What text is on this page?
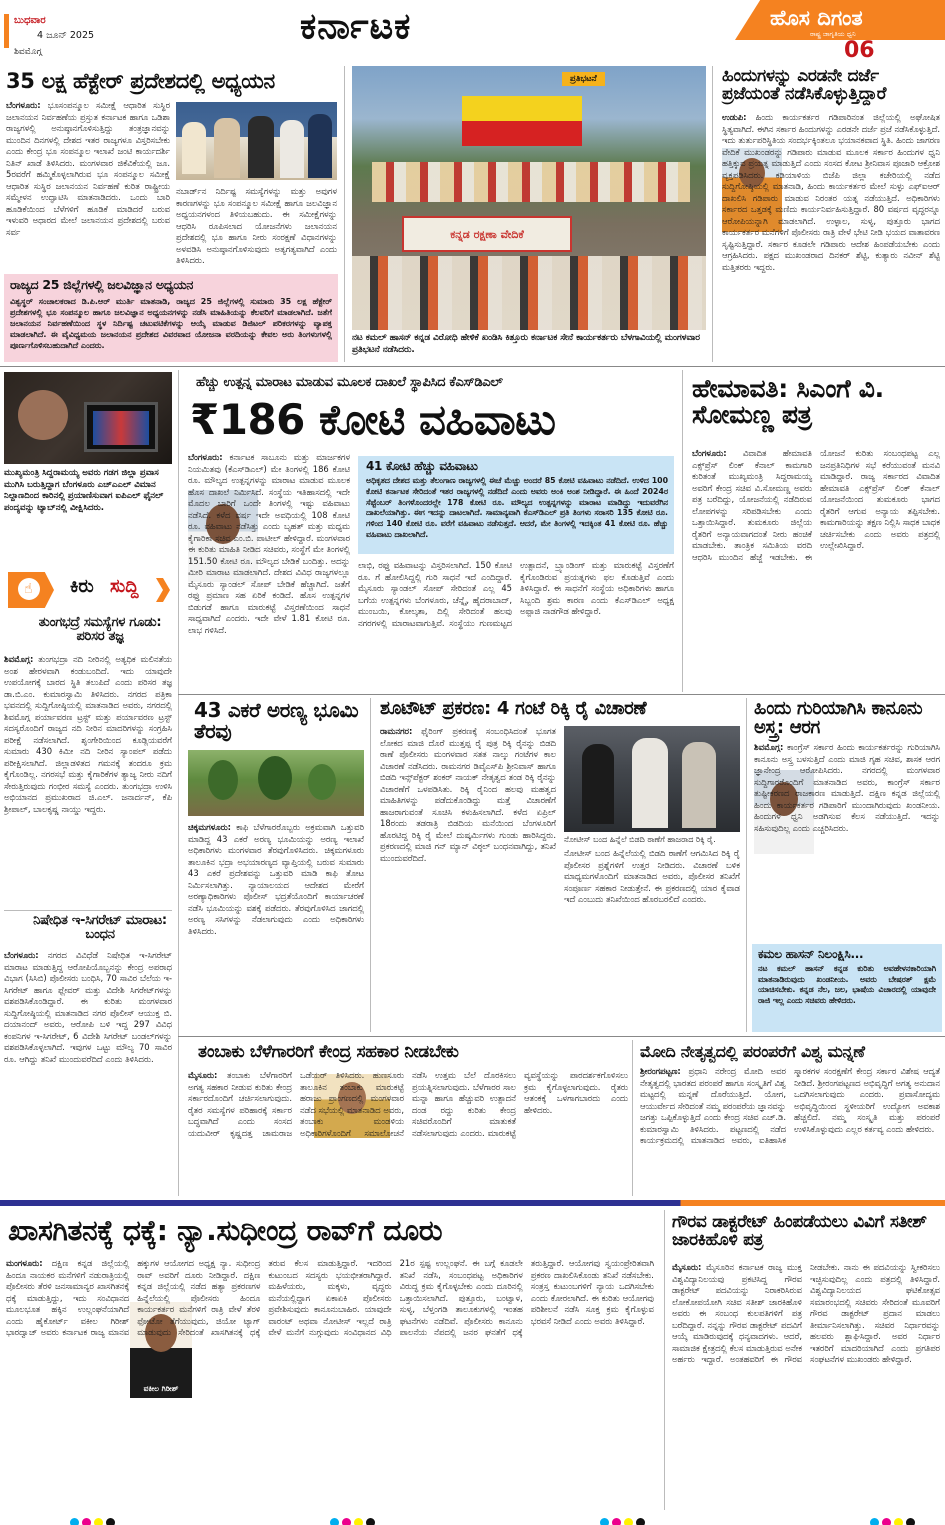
ಬುಧವಾರ
4 ಜೂನ್ 2025
ಶಿವಮೊಗ್ಗ
ಕರ್ನಾಟಕ	ಹೊಸ ದಿಗಂತ
ರಾಷ್ಟ್ರ ಜಾಗೃತಿಯ ಧ್ವನಿ
06
35 ಲಕ್ಷ ಹೆಕ್ಟೇರ್ ಪ್ರದೇಶದಲ್ಲಿ ಅಧ್ಯಯನ
ಬೆಂಗಳೂರು: ಭೂಸಂಪನ್ಮೂಲ ಸಮೀಕ್ಷೆ ಆಧಾರಿತ ಸುಸ್ಥಿರ ಜಲಾನಯನ ನಿರ್ವಹಣೆಯ ಪ್ರಸ್ತುತ ಕರ್ನಾಟಕ ಹಾಗೂ ಒಡಿಶಾ ರಾಜ್ಯಗಳಲ್ಲಿ ಅನುಷ್ಠಾನಗೊಳಿಸುತ್ತಿದ್ದು ತಂತ್ರಜ್ಞಾನವನ್ನು ಮುಂದಿನ ದಿನಗಳಲ್ಲಿ ದೇಶದ ಇತರ ರಾಜ್ಯಗಳೂ ವಿಸ್ತರಿಸಬೇಕು ಎಂದು ಕೇಂದ್ರ ಭೂ ಸಂಪನ್ಮೂಲ ಇಲಾಖೆ ಜಂಟಿ ಕಾರ್ಯದರ್ಶಿ ನಿತಿನ್ ಖಾಡೆ ತಿಳಿಸಿದರು. ಮಂಗಳವಾರ ಜಿಕೆವಿಕೆಯಲ್ಲಿ ಜೂ. 5ರವರೆಗೆ ಹಮ್ಮಿಕೊಳ್ಳಲಾಗಿರುವ ಭೂ ಸಂಪನ್ಮೂಲ ಸಮೀಕ್ಷೆ ಆಧಾರಿತ ಸುಸ್ಥಿರ ಜಲಾನಯನ ನಿರ್ವಹಣೆ ಕುರಿತ ರಾಷ್ಟ್ರೀಯ ಸಮ್ಮೇಳನ ಉದ್ಘಾಟಿಸಿ ಮಾತನಾಡಿದರು. ಒಂದು ಬಾರಿ ಹೂಡಿಕೆಯಿಂದ ಬೆಳೆಗಳಿಗೆ ಹೂಡಿಕೆ ಮಾಡಿದರೆ ಬರುವ ಇಳುವರಿ ಅಧಾರದ ಮೇಲೆ ಜಲಾನಯನ ಪ್ರದೇಶದಲ್ಲಿ ಬರುವ ಸರ್ವ
ನಬಾರ್ಡ್‌ನ ನಿರ್ದಿಷ್ಟ ಸಮಸ್ಯೆಗಳನ್ನು ಮತ್ತು ಅವುಗಳ ಕಾರಣಗಳನ್ನು ಭೂ ಸಂಪನ್ಮೂಲ ಸಮೀಕ್ಷೆ ಹಾಗೂ ಜಲವಿಜ್ಞಾನ ಅಧ್ಯಯನಗಳಂದ ತಿಳಿಯಬಹುದು. ಈ ಸಮೀಕ್ಷೆಗಳನ್ನು ಆಧರಿಸಿ ರೂಪಿಸಲಾದ ಯೋಜನೆಗಳು ಜಲಾನಯನ ಪ್ರದೇಶದಲ್ಲಿ ಭೂ ಹಾಗೂ ನೀರು ಸಂರಕ್ಷಣೆ ವಿಧಾನಗಳನ್ನು ಅಳವಡಿಸಿ ಅನುಷ್ಠಾನಗೊಳಿಸುವುದು ಅತ್ಯಗತ್ಯವಾಗಿದೆ ಎಂದು ತಿಳಿಸಿದರು.
ರಾಜ್ಯದ 25 ಜಿಲ್ಲೆಗಳಲ್ಲಿ ಜಲವಿಜ್ಞಾನ ಅಧ್ಯಯನ
ವಿಶ್ವಸ್ಥರ್ ಸಂಚಾಲಕರಾದ ಡಿ.ಪಿ.ಆರ್ ಮುರ್ತಿ ಮಾತನಾಡಿ, ರಾಜ್ಯದ 25 ಜಿಲ್ಲೆಗಳಲ್ಲಿ ಸುಮಾರು 35 ಲಕ್ಷ ಹೆಕ್ಟೇರ್ ಪ್ರದೇಶಗಳಲ್ಲಿ ಭೂ ಸಂಪನ್ಮೂಲ ಹಾಗೂ ಜಲವಿಜ್ಞಾನ ಅಧ್ಯಯನಗಳನ್ನು ನಡೆಸಿ ಮಾಹಿತಿಯನ್ನು ಕೆಲವರಿಗೆ ಮಾಡಲಾಗಿದೆ. ಜತೆಗೆ ಜಲಾನಯನ ನಿರ್ವಹಣೆಯಿಂದ ಸ್ಥಳ ನಿರ್ದಿಷ್ಟ ಚಟುವಟಿಕೆಗಳನ್ನು ಆಯ್ಕೆ ಮಾಡುವ ಡಿಜಿಟಲ್ ಪರಿಕರಗಳನ್ನು ವ್ಯಾಪಕ್ತ ಮಾಡಲಾಗಿದೆ. ಈ ವೈವಿಧ್ಯಮಯ ಜಲಾನಯನ ಪ್ರದೇಶದ ವಿವರವಾದ ಯೋಜನಾ ವರದಿಯನ್ನು ಕೇವಲ ಅರು ತಿಂಗಳುಗಳಲ್ಲಿ ಪೂರ್ಣಗೊಳಿಸಬಹುದಾಗಿದೆ ಎಂದರು.
ಪ್ರತಿಭಟನೆ
ಕನ್ನಡ ರಕ್ಷಣಾ ವೇದಿಕೆ
ನಟ ಕಮಲ್ ಹಾಸನ್ ಕನ್ನಡ ವಿರೋಧಿ ಹೇಳಿಕೆ ಖಂಡಿಸಿ ಕಿತ್ತೂರು ಕರ್ನಾಟಕ ಸೇನೆ ಕಾರ್ಯಕರ್ತರು ಬೆಳಗಾವಿಯಲ್ಲಿ ಮಂಗಳವಾರ ಪ್ರತಿಭಟನೆ ನಡೆಸಿದರು.
ಹಿಂದುಗಳನ್ನು ಎರಡನೇ ದರ್ಜೆ ಪ್ರಜೆಯಂತೆ ನಡೆಸಿಕೊಳ್ಳುತ್ತಿದ್ದಾರೆ
ಉಡುಪಿ: ಹಿಂದು ಕಾರ್ಯಕರ್ತರ ಗಡಿಪಾರಿನಂತ ಜಿಲ್ಲೆಯಲ್ಲಿ ಅಘೋಷಿತ ಸ್ಥಿತ್ಯವಾಗಿದೆ. ಈಗಿನ ಸರ್ಕಾರ ಹಿಂದುಗಳನ್ನು ಎರಡನೇ ದರ್ಜೆ ಪ್ರಜೆ ನಡೆಸಿಕೊಳ್ಳುತ್ತಿದೆ. ಇದು ತುರ್ತುಪರಿಸ್ಥಿತಿಯ ಸಂದರ್ಭಕ್ಕಿಂತಲೂ ಭಯಾನಕವಾದ ಸ್ಥಿತಿ. ಹಿಂದು ಜಾಗರಣ ವೇದಿಕೆ ಮುಖಂಡರನ್ನು ಗಡಿಪಾರು ಮಾಡುವ ಮೂಲಕ ಸರ್ಕಾರ ಹಿಂದುಗಳ ಧ್ವನಿ ಹತ್ತಿಕ್ಕುವ ಪ್ರಯತ್ನ ಮಾಡುತ್ತಿದೆ ಎಂದು ಸಂಸದ ಕೋಟ ಶ್ರೀನಿವಾಸ ಪೂಜಾರಿ ಆಕ್ರೋಶ ವ್ಯಕ್ತಪಡಿಸಿದರು. ಕಡಿಯಾಳಿಯ ಬಿಜೆಪಿ ಜಿಲ್ಲಾ ಕಚೇರಿಯಲ್ಲಿ ನಡೆದ ಸುದ್ದಿಗೋಷ್ಠಿಯಲ್ಲಿ ಮಾತನಾಡಿ, ಹಿಂದು ಕಾರ್ಯಕರ್ತರ ಮೇಲೆ ಸುಳ್ಳು ಎಫ್‌ಐಆರ್ ದಾಖಲಿಸಿ ಗಡಿಪಾರು ಮಾಡುವ ನಿರಂತರ ಯತ್ನ ನಡೆಯುತ್ತಿದೆ. ಅಧಿಕಾರಿಗಳು ಸರ್ಕಾರದ ಒತ್ತಡಕ್ಕೆ ಮಣಿದು ಕಾರ್ಯನಿರ್ವಹಿಸುತ್ತಿದ್ದಾರೆ. 80 ವರ್ಷದ ವೃದ್ಧರನ್ನೂ ಆರೋಪಿಯನ್ನಾಗಿ ಮಾಡಲಾಗಿದೆ. ಉಳ್ಳಾಲ, ಸುಳ್ಯ, ಪುತ್ತೂರು ಭಾಗದ ಕಾರ್ಯಕರ್ತರ ಮನೆಗಳಿಗೆ ಪೊಲೀಸರು ರಾತ್ರಿ ವೇಳೆ ಭೇಟಿ ನೀಡಿ ಭಯದ ವಾತಾವರಣ ಸೃಷ್ಟಿಸುತ್ತಿದ್ದಾರೆ. ಸರ್ಕಾರ ಕೂಡಲೇ ಗಡಿಪಾರು ಆದೇಶ ಹಿಂಪಡೆಯಬೇಕು ಎಂದು ಆಗ್ರಹಿಸಿದರು. ಪಕ್ಷದ ಮುಖಂಡರಾದ ದಿನಕರ್ ಶೆಟ್ಟಿ, ಕುತ್ಯಾರು ನವೀನ್ ಶೆಟ್ಟಿ ಮತ್ತಿತರರು ಇದ್ದರು.
ಮುಖ್ಯಮಂತ್ರಿ ಸಿದ್ದರಾಮಯ್ಯ ಅವರು ಗಡಗ ಜಿಲ್ಲಾ ಪ್ರವಾಸ ಮುಗಿಸಿ ಬರುತ್ತಿದ್ದಾಗ ಬೆಂಗಳೂರು ಎಚ್‌ಎಎಲ್ ವಿಮಾನ ನಿಲ್ದಾಣದಿಂದ ಕಾರಿನಲ್ಲಿ ಪ್ರಯಾಣಿಸುವಾಗ ಐಪಿಎಲ್ ಫೈನಲ್ ಪಂದ್ಯವನ್ನು ಟ್ಯಾಬ್‌ನಲ್ಲಿ ವೀಕ್ಷಿಸಿದರು.
☝ ಕಿರು ಸುದ್ದಿ
ತುಂಗಭದ್ರೆ ಸಮಸ್ಯೆಗಳ ಗೂಡು: ಪರಿಸರ ತಜ್ಞ
ಶಿವಮೊಗ್ಗ: ತುಂಗಭದ್ರಾ ನದಿ ನೀರಿನಲ್ಲಿ ಅತ್ಯಧಿಕ ಮಲಿನತೆಯ ಅಂಶ ಹೇರಳವಾಗಿ ಕಂಡುಬಂದಿದೆ. ಇದು ಯಾವುದೇ ಉಪಯೋಗಕ್ಕೆ ಬಾರದ ಸ್ಥಿತಿ ತಲುಪಿದೆ ಎಂದು ಪರಿಸರ ತಜ್ಞ ಡಾ.ಬಿ.ಎಂ. ಕುಮಾರಸ್ವಾಮಿ ತಿಳಿಸಿದರು. ನಗರದ ಪತ್ರಿಕಾ ಭವನದಲ್ಲಿ ಸುದ್ದಿಗೋಷ್ಠಿಯಲ್ಲಿ ಮಾತನಾಡಿದ ಅವರು, ನಗರದಲ್ಲಿ ಶಿವಮೊಗ್ಗ ಪರ್ಯಾವರಣ ಟ್ರಸ್ಟ್ ಮತ್ತು ಪರ್ಯಾವರಣ ಟ್ರಸ್ಟ್ ಸದಸ್ಯರೊಂದಿಗೆ ರಾಜ್ಯದ ನದಿ ನೀರಿನ ಮಾದರಿಗಳನ್ನು ಸಂಗ್ರಹಿಸಿ ಪರೀಕ್ಷೆ ನಡೆಸಲಾಗಿದೆ. ಶೃಂಗೇರಿಯಿಂದ ಕೂಡ್ಲಿಯವರೆಗೆ ಸುಮಾರು 430 ಕಿಮೀ ನದಿ ನೀರಿನ ಸ್ಯಾಂಪಲ್ ಪಡೆದು ಪರೀಕ್ಷಿಸಲಾಗಿದೆ. ಜಿಲ್ಲಾಡಳಿತದ ಗಮನಕ್ಕೆ ತಂದರೂ ಕ್ರಮ ಕೈಗೊಂಡಿಲ್ಲ. ನಗರಸಭೆ ಮತ್ತು ಕೈಗಾರಿಕೆಗಳ ತ್ಯಾಜ್ಯ ನೀರು ನದಿಗೆ ಸೇರುತ್ತಿರುವುದು ಗಂಭೀರ ಸಮಸ್ಯೆ ಎಂದರು. ತುಂಗಭದ್ರಾ ಉಳಿಸಿ ಅಭಿಯಾನದ ಪ್ರಮುಖರಾದ ಜಿ.ಎಲ್. ಜನಾರ್ದನ್, ಕೆಪಿ ಶ್ರೀಪಾಲ್, ಬಾಲಕೃಷ್ಣ ನಾಯ್ಡು ಇದ್ದರು.
ನಿಷೇಧಿತ ಇ-ಸಿಗರೇಟ್ ಮಾರಾಟ: ಬಂಧನ
ಬೆಂಗಳೂರು: ನಗರದ ವಿವಿಧೆಡೆ ನಿಷೇಧಿತ ಇ-ಸಿಗರೇಟ್ ಮಾರಾಟ ಮಾಡುತ್ತಿದ್ದ ಆರೋಪಿಯೊಬ್ಬನನ್ನು ಕೇಂದ್ರ ಅಪರಾಧ ವಿಭಾಗ (ಸಿಸಿಬಿ) ಪೊಲೀಸರು ಬಂಧಿಸಿ, 70 ಸಾವಿರ ಬೆಲೆಯ ಇ-ಸಿಗರೇಟ್ ಹಾಗೂ ಫ್ಲೇವರ್ ಮತ್ತು ವಿದೇಶಿ ಸಿಗರೇಟ್‌ಗಳನ್ನು ವಶಪಡಿಸಿಕೊಂಡಿದ್ದಾರೆ. ಈ ಕುರಿತು ಮಂಗಳವಾರ ಸುದ್ದಿಗೋಷ್ಠಿಯಲ್ಲಿ ಮಾತನಾಡಿದ ನಗರ ಪೊಲೀಸ್ ಆಯುಕ್ತ ಬಿ. ದಯಾನಂದ್ ಅವರು, ಆರೋಪಿ ಬಳಿ ಇದ್ದ 297 ವಿವಿಧ ಕಂಪನಿಗಳ ಇ-ಸಿಗರೇಟ್, 6 ವಿದೇಶಿ ಸಿಗರೇಟ್ ಬಂಡಲ್‌ಗಳನ್ನು ವಶಪಡಿಸಿಕೊಳ್ಳಲಾಗಿದೆ. ಇವುಗಳ ಒಟ್ಟು ಮೌಲ್ಯ 70 ಸಾವಿರ ರೂ. ಆಗಿದ್ದು ತನಿಖೆ ಮುಂದುವರೆದಿದೆ ಎಂದು ತಿಳಿಸಿದರು.
ಹೆಚ್ಚು ಉತ್ಪನ್ನ ಮಾರಾಟ ಮಾಡುವ ಮೂಲಕ ದಾಖಲೆ ಸ್ಥಾಪಿಸಿದ ಕೆಎಸ್‌ಡಿಎಲ್
₹186 ಕೋಟಿ ವಹಿವಾಟು
ಬೆಂಗಳೂರು: ಕರ್ನಾಟಕ ಸಾಬೂನು ಮತ್ತು ಮಾರ್ಜಕಗಳ ನಿಯಮಿತವು (ಕೆಎಸ್‌ಡಿಎಲ್) ಮೇ ತಿಂಗಳಲ್ಲಿ 186 ಕೋಟಿ ರೂ. ಮೌಲ್ಯದ ಉತ್ಪನ್ನಗಳನ್ನು ಮಾರಾಟ ಮಾಡುವ ಮೂಲಕ ಹೊಸ ದಾಖಲೆ ನಿರ್ಮಿಸಿದೆ. ಸಂಸ್ಥೆಯ ಇತಿಹಾಸದಲ್ಲಿ ಇದೇ ಮೊದಲ ಬಾರಿಗೆ ಒಂದೇ ತಿಂಗಳಲ್ಲಿ ಇಷ್ಟು ವಹಿವಾಟು ನಡೆಸಿದೆ. ಕಳೆದ ವರ್ಷ ಇದೇ ಅವಧಿಯಲ್ಲಿ 108 ಕೋಟಿ ರೂ. ವಹಿವಾಟು ನಡೆಸಿತ್ತು ಎಂದು ಬೃಹತ್ ಮತ್ತು ಮಧ್ಯಮ ಕೈಗಾರಿಕಾ ಸಚಿವ ಎಂ.ಬಿ. ಪಾಟೀಲ್ ಹೇಳಿದ್ದಾರೆ. ಮಂಗಳವಾರ ಈ ಕುರಿತು ಮಾಹಿತಿ ನೀಡಿದ ಸಚಿವರು, ಸಂಸ್ಥೆಗೆ ಮೇ ತಿಂಗಳಲ್ಲಿ 151.50 ಕೋಟಿ ರೂ. ಮೌಲ್ಯದ ಬೇಡಿಕೆ ಬಂದಿತ್ತು. ಅದನ್ನು ಮೀರಿ ಮಾರಾಟ ಮಾಡಲಾಗಿದೆ. ದೇಶದ ವಿವಿಧ ರಾಜ್ಯಗಳಲ್ಲೂ ಮೈಸೂರು ಸ್ಯಾಂಡಲ್ ಸೋಪ್ ಬೇಡಿಕೆ ಹೆಚ್ಚಾಗಿದೆ. ಜತೆಗೆ ರಫ್ತು ಪ್ರಮಾಣ ಸಹ ಏರಿಕೆ ಕಂಡಿದೆ. ಹೊಸ ಉತ್ಪನ್ನಗಳ ಬಿಡುಗಡೆ ಹಾಗೂ ಮಾರುಕಟ್ಟೆ ವಿಸ್ತರಣೆಯಿಂದ ಸಾಧನೆ ಸಾಧ್ಯವಾಗಿದೆ ಎಂದರು. ಇದೇ ವೇಳೆ 1.81 ಕೋಟಿ ರೂ. ಲಾಭ ಗಳಿಸಿದೆ.
41 ಕೋಟಿ ಹೆಚ್ಚು ವಹಿವಾಟು
ಅಧಿಕೃತದ ದೇಶದ ಮತ್ತು ತೆಲಂಗಾಣ ರಾಜ್ಯಗಳಲ್ಲಿ ಈಚೆ ಮೆಚ್ಚು ಅಂದರೆ 85 ಕೋಟಿ ವಹಿವಾಟು ನಡೆದಿದೆ. ಉಳಿದ 100 ಕೋಟಿ ಕರ್ನಾಟಕ ಸೇರಿದಂತೆ ಇತರ ರಾಜ್ಯಗಳಲ್ಲಿ ನಡೆದಿದೆ ಎಂದು ಅವರು ಅಂಕಿ ಅಂಶ ನೀಡಿದ್ದಾರೆ. ಈ ಹಿಂದೆ 2024ರ ಸೆಪ್ಟೆಂಬರ್ ತಿಂಗಳೊಂದರಲ್ಲೇ 178 ಕೋಟಿ ರೂ. ಮೌಲ್ಯದ ಉತ್ಪನ್ನಗಳನ್ನು ಮಾರಾಟ ಮಾಡಿದ್ದು ಇದುವರೆಗಿನ ದಾಖಲೆಯಾಗಿತ್ತು. ಈಗ ಇದನ್ನು ದಾಟಲಾಗಿದೆ. ಸಾಮಾನ್ಯವಾಗಿ ಕೆಎಸ್‌ಡಿಎಲ್ ಪ್ರತಿ ತಿಂಗಳು ಸರಾಸರಿ 135 ಕೋಟಿ ರೂ. ಗಳಿಂದ 140 ಕೋಟಿ ರೂ. ವರೆಗೆ ವಹಿವಾಟು ನಡೆಸುತ್ತದೆ. ಆದರೆ, ಮೇ ತಿಂಗಳಲ್ಲಿ ಇದಕ್ಕಿಂತ 41 ಕೋಟಿ ರೂ. ಹೆಚ್ಚು ವಹಿವಾಟು ದಾಖಲಾಗಿದೆ.
ಲಾಭಿ, ರಫ್ತು ವಹಿವಾಟನ್ನು ವಿಸ್ತರಿಸಲಾಗಿದೆ. 150 ಕೋಟಿ ರೂ. ಗೆ ಹೋಲಿಸಿದ್ದಲ್ಲಿ ಗುರಿ ಸಾಧನೆ ಇದೆ ಎಂದಿದ್ದಾರೆ. ಮೈಸೂರು ಸ್ಯಾಂಡಲ್ ಸೋಪ್ ಸೇರಿದಂತೆ ಎಲ್ಲ 45 ಬಗೆಯ ಉತ್ಪನ್ನಗಳು ಬೆಂಗಳೂರು, ಚೆನ್ನೈ, ಹೈದರಾಬಾದ್, ಮುಂಬಯಿ, ಕೋಲ್ಕತಾ, ದಿಲ್ಲಿ ಸೇರಿದಂತೆ ಹಲವು ನಗರಗಳಲ್ಲಿ ಮಾರಾಟವಾಗುತ್ತಿವೆ. ಸಂಸ್ಥೆಯು ಗುಣಮಟ್ಟದ ಉತ್ಪಾದನೆ, ಬ್ರ್ಯಾಂಡಿಂಗ್ ಮತ್ತು ಮಾರುಕಟ್ಟೆ ವಿಸ್ತರಣೆಗೆ ಕೈಗೊಂಡಿರುವ ಪ್ರಯತ್ನಗಳು ಫಲ ಕೊಡುತ್ತಿವೆ ಎಂದು ತಿಳಿಸಿದ್ದಾರೆ. ಈ ಸಾಧನೆಗೆ ಸಂಸ್ಥೆಯ ಅಧಿಕಾರಿಗಳು ಹಾಗೂ ಸಿಬ್ಬಂದಿ ಶ್ರಮ ಕಾರಣ ಎಂದು ಕೆಎಸ್‌ಡಿಎಲ್ ಅಧ್ಯಕ್ಷ ಅಪ್ಪಾಜಿ ನಾಡಗೌಡ ಹೇಳಿದ್ದಾರೆ.
ಹೇಮಾವತಿ: ಸಿಎಂಗೆ ವಿ. ಸೋಮಣ್ಣ ಪತ್ರ
ಬೆಂಗಳೂರು: ವಿವಾದಿತ ಹೇಮಾವತಿ ಎಕ್ಸ್‌ಪ್ರೆಸ್ ಲಿಂಕ್ ಕೆನಾಲ್ ಕಾಮಗಾರಿ ಕುರಿತಂತೆ ಮುಖ್ಯಮಂತ್ರಿ ಸಿದ್ದರಾಮಯ್ಯ ಅವರಿಗೆ ಕೇಂದ್ರ ಸಚಿವ ವಿ.ಸೋಮಣ್ಣ ಅವರು ಪತ್ರ ಬರೆದಿದ್ದು, ಯೋಜನೆಯಲ್ಲಿ ನಡೆದಿರುವ ಲೋಪಗಳನ್ನು ಸರಿಪಡಿಸಬೇಕು ಎಂದು ಒತ್ತಾಯಿಸಿದ್ದಾರೆ. ತುಮಕೂರು ಜಿಲ್ಲೆಯ ರೈತರಿಗೆ ಅನ್ಯಾಯವಾಗದಂತೆ ನೀರು ಹಂಚಿಕೆ ಮಾಡಬೇಕು. ತಾಂತ್ರಿಕ ಸಮಿತಿಯ ವರದಿ ಆಧರಿಸಿ ಮುಂದಿನ ಹೆಜ್ಜೆ ಇಡಬೇಕು. ಈ ಯೋಜನೆ ಕುರಿತು ಸಂಬಂಧಪಟ್ಟ ಎಲ್ಲ ಜನಪ್ರತಿನಿಧಿಗಳ ಸಭೆ ಕರೆಯುವಂತೆ ಮನವಿ ಮಾಡಿದ್ದಾರೆ. ರಾಜ್ಯ ಸರ್ಕಾರದ ವಿವಾದಿತ ಹೇಮಾವತಿ ಎಕ್ಸ್‌ಪ್ರೆಸ್ ಲಿಂಕ್ ಕೆನಾಲ್ ಯೋಜನೆಯಿಂದ ತುಮಕೂರು ಭಾಗದ ರೈತರಿಗೆ ಆಗುವ ಅನ್ಯಾಯ ತಪ್ಪಿಸಬೇಕು. ಕಾಮಗಾರಿಯನ್ನು ತಕ್ಷಣ ನಿಲ್ಲಿಸಿ ಸಾಧಕ ಬಾಧಕ ಚರ್ಚಿಸಬೇಕು ಎಂದು ಅವರು ಪತ್ರದಲ್ಲಿ ಉಲ್ಲೇಖಿಸಿದ್ದಾರೆ.
43 ಎಕರೆ ಅರಣ್ಯ ಭೂಮಿ ತೆರವು
ಚಿಕ್ಕಮಗಳೂರು: ಕಾಫಿ ಬೆಳೆಗಾರರೊಬ್ಬರು ಅಕ್ರಮವಾಗಿ ಒತ್ತುವರಿ ಮಾಡಿದ್ದ 43 ಎಕರೆ ಅರಣ್ಯ ಭೂಮಿಯನ್ನು ಅರಣ್ಯ ಇಲಾಖೆ ಅಧಿಕಾರಿಗಳು ಮಂಗಳವಾರ ತೆರವುಗೊಳಿಸಿದರು. ಚಿಕ್ಕಮಗಳೂರು ತಾಲೂಕಿನ ಭದ್ರಾ ಅಭಯಾರಣ್ಯದ ವ್ಯಾಪ್ತಿಯಲ್ಲಿ ಬರುವ ಸುಮಾರು 43 ಎಕರೆ ಪ್ರದೇಶವನ್ನು ಒತ್ತುವರಿ ಮಾಡಿ ಕಾಫಿ ತೋಟ ನಿರ್ಮಿಸಲಾಗಿತ್ತು. ನ್ಯಾಯಾಲಯದ ಆದೇಶದ ಮೇರೆಗೆ ಅರಣ್ಯಾಧಿಕಾರಿಗಳು ಪೊಲೀಸ್ ಭದ್ರತೆಯೊಂದಿಗೆ ಕಾರ್ಯಾಚರಣೆ ನಡೆಸಿ ಭೂಮಿಯನ್ನು ವಶಕ್ಕೆ ಪಡೆದರು. ತೆರವುಗೊಳಿಸಿದ ಜಾಗದಲ್ಲಿ ಅರಣ್ಯ ಸಸಿಗಳನ್ನು ನೆಡಲಾಗುವುದು ಎಂದು ಅಧಿಕಾರಿಗಳು ತಿಳಿಸಿದರು.
ಶೂಟೌಟ್ ಪ್ರಕರಣ: 4 ಗಂಟೆ ರಿಕ್ಕಿ ರೈ ವಿಚಾರಣೆ
ರಾಮನಗರ: ಫೈರಿಂಗ್ ಪ್ರಕರಣಕ್ಕೆ ಸಂಬಂಧಿಸಿದಂತೆ ಭೂಗತ ಲೋಕದ ಮಾಜಿ ದೊರೆ ಮುತ್ತಪ್ಪ ರೈ ಪುತ್ರ ರಿಕ್ಕಿ ರೈನನ್ನು ಬಿಡದಿ ಠಾಣೆ ಪೊಲೀಸರು ಮಂಗಳವಾರ ಸತತ ನಾಲ್ಕು ಗಂಟೆಗಳ ಕಾಲ ವಿಚಾರಣೆ ನಡೆಸಿದರು. ರಾಮನಗರ ಡಿವೈಎಸ್‌ಪಿ ಶ್ರೀನಿವಾಸ್ ಹಾಗೂ ಬಿಡದಿ ಇನ್ಸ್‌ಪೆಕ್ಟರ್ ಶಂಕರ್ ನಾಯಕ್ ನೇತೃತ್ವದ ತಂಡ ರಿಕ್ಕಿ ರೈನನ್ನು ವಿಚಾರಣೆಗೆ ಒಳಪಡಿಸಿತು. ರಿಕ್ಕಿ ರೈನಿಂದ ಹಲವು ಮಹತ್ವದ ಮಾಹಿತಿಗಳನ್ನು ಪಡೆದುಕೊಂಡಿದ್ದು ಮತ್ತೆ ವಿಚಾರಣೆಗೆ ಹಾಜರಾಗುವಂತೆ ಸೂಚಿಸಿ ಕಳುಹಿಸಲಾಗಿದೆ. ಕಳೆದ ಏಪ್ರಿಲ್ 18ರಂದು ತಡರಾತ್ರಿ ಬಿಡದಿಯ ಮನೆಯಿಂದ ಬೆಂಗಳೂರಿಗೆ ಹೊರಟಿದ್ದ ರಿಕ್ಕಿ ರೈ ಮೇಲೆ ದುಷ್ಕರ್ಮಿಗಳು ಗುಂಡು ಹಾರಿಸಿದ್ದರು. ಪ್ರಕರಣದಲ್ಲಿ ಮಾಜಿ ಗನ್ ಮ್ಯಾನ್ ವಿಠ್ಠಲ್ ಬಂಧನವಾಗಿದ್ದು, ತನಿಖೆ ಮುಂದುವರೆದಿದೆ.
ನೋಟೀಸ್ ಬಂದ ಹಿನ್ನೆಲೆ ಬಿಡದಿ ಠಾಣೆಗೆ ಹಾಜರಾದ ರಿಕ್ಕಿ ರೈ.
ನೋಟೀಸ್ ಬಂದ ಹಿನ್ನೆಲೆಯಲ್ಲಿ ಬಿಡದಿ ಠಾಣೆಗೆ ಆಗಮಿಸಿದ ರಿಕ್ಕಿ ರೈ ಪೊಲೀಸರ ಪ್ರಶ್ನೆಗಳಿಗೆ ಉತ್ತರ ನೀಡಿದರು. ವಿಚಾರಣೆ ಬಳಿಕ ಮಾಧ್ಯಮಗಳೊಂದಿಗೆ ಮಾತನಾಡಿದ ಅವರು, ಪೊಲೀಸರ ತನಿಖೆಗೆ ಸಂಪೂರ್ಣ ಸಹಕಾರ ನೀಡುತ್ತೇನೆ. ಈ ಪ್ರಕರಣದಲ್ಲಿ ಯಾರ ಕೈವಾಡ ಇದೆ ಎಂಬುದು ತನಿಖೆಯಿಂದ ಹೊರಬರಲಿದೆ ಎಂದರು.
ಹಿಂದು ಗುರಿಯಾಗಿಸಿ ಕಾನೂನು ಅಸ್ತ್ರ: ಆರಗ
ಶಿವಮೊಗ್ಗ: ಕಾಂಗ್ರೆಸ್ ಸರ್ಕಾರ ಹಿಂದು ಕಾರ್ಯಕರ್ತರನ್ನು ಗುರಿಯಾಗಿಸಿ ಕಾನೂನು ಅಸ್ತ್ರ ಬಳಸುತ್ತಿದೆ ಎಂದು ಮಾಜಿ ಗೃಹ ಸಚಿವ, ಶಾಸಕ ಆರಗ ಜ್ಞಾನೇಂದ್ರ ಆರೋಪಿಸಿದರು. ನಗರದಲ್ಲಿ ಮಂಗಳವಾರ ಸುದ್ದಿಗಾರರೊಂದಿಗೆ ಮಾತನಾಡಿದ ಅವರು, ಕಾಂಗ್ರೆಸ್ ಸರ್ಕಾರ ತುಷ್ಟೀಕರಣದ ರಾಜಕಾರಣ ಮಾಡುತ್ತಿದೆ. ದಕ್ಷಿಣ ಕನ್ನಡ ಜಿಲ್ಲೆಯಲ್ಲಿ ಹಿಂದು ಕಾರ್ಯಕರ್ತರ ಗಡಿಪಾರಿಗೆ ಮುಂದಾಗಿರುವುದು ಖಂಡನೀಯ. ಹಿಂದುಗಳ ಧ್ವನಿ ಅಡಗಿಸುವ ಕೆಲಸ ನಡೆಯುತ್ತಿದೆ. ಇದನ್ನು ಸಹಿಸುವುದಿಲ್ಲ ಎಂದು ಎಚ್ಚರಿಸಿದರು.
ಕಮಲ ಹಾಸನ್ ನಿಲಂಕ್ಷಿಸಿ...
ನಟ ಕಮಲ್ ಹಾಸನ್ ಕನ್ನಡ ಕುರಿತು ಅವಹೇಳನಕಾರಿಯಾಗಿ ಮಾತನಾಡಿರುವುದು ಖಂಡನೀಯ. ಅವರು ಬೇಷರತ್ ಕ್ಷಮೆ ಯಾಚಿಸಬೇಕು. ಕನ್ನಡ ನೆಲ, ಜಲ, ಭಾಷೆಯ ವಿಚಾರದಲ್ಲಿ ಯಾವುದೇ ರಾಜಿ ಇಲ್ಲ ಎಂದು ಸಚಿವರು ಹೇಳಿದರು.
ತಂಬಾಕು ಬೆಳೆಗಾರರಿಗೆ ಕೇಂದ್ರ ಸಹಕಾರ ನೀಡಬೇಕು
ಮೈಸೂರು: ತಂಬಾಕು ಬೆಳೆಗಾರರಿಗೆ ಅಗತ್ಯ ಸಹಕಾರ ನೀಡುವ ಕುರಿತು ಕೇಂದ್ರ ಸರ್ಕಾರದೊಂದಿಗೆ ಚರ್ಚಿಸಲಾಗುವುದು. ರೈತರ ಸಮಸ್ಯೆಗಳ ಪರಿಹಾರಕ್ಕೆ ಸರ್ಕಾರ ಬದ್ಧವಾಗಿದೆ ಎಂದು ಸಂಸದ ಯದುವೀರ್ ಕೃಷ್ಣದತ್ತ ಚಾಮರಾಜ ಒಡೆಯರ್ ತಿಳಿಸಿದರು. ಹುಣಸೂರು ತಾಲೂಕಿನ ತಂಬಾಕು ಮಾರುಕಟ್ಟೆ ಹರಾಜು ಪ್ರಾಂಗಣದಲ್ಲಿ ಮಂಗಳವಾರ ನಡೆದ ಸಭೆಯಲ್ಲಿ ಮಾತನಾಡಿದ ಅವರು, ತಂಬಾಕು ಮಂಡಳಿಯ ಅಧಿಕಾರಿಗಳೊಂದಿಗೆ ಸಮಾಲೋಚನೆ ನಡೆಸಿ ಉತ್ತಮ ಬೆಲೆ ದೊರಕಿಸಲು ಪ್ರಯತ್ನಿಸಲಾಗುವುದು. ಬೆಳೆಗಾರರ ಸಾಲ ಮನ್ನಾ ಹಾಗೂ ಹೆಚ್ಚುವರಿ ಉತ್ಪಾದನೆ ದಂಡ ರದ್ದು ಕುರಿತು ಕೇಂದ್ರ ಸಚಿವರೊಂದಿಗೆ ಮಾತುಕತೆ ನಡೆಸಲಾಗುವುದು ಎಂದರು. ಮಾರುಕಟ್ಟೆ ವ್ಯವಸ್ಥೆಯನ್ನು ಪಾರದರ್ಶಕಗೊಳಿಸಲು ಕ್ರಮ ಕೈಗೊಳ್ಳಲಾಗುವುದು. ರೈತರು ಆತಂಕಕ್ಕೆ ಒಳಗಾಗಬಾರದು ಎಂದು ಹೇಳಿದರು.
ಮೋದಿ ನೇತೃತ್ವದಲ್ಲಿ ಪರಂಪರೆಗೆ ವಿಶ್ವ ಮನ್ನಣೆ
ಶ್ರೀರಂಗಪಟ್ಟಣ: ಪ್ರಧಾನಿ ನರೇಂದ್ರ ಮೋದಿ ಅವರ ನೇತೃತ್ವದಲ್ಲಿ ಭಾರತದ ಪರಂಪರೆ ಹಾಗೂ ಸಂಸ್ಕೃತಿಗೆ ವಿಶ್ವ ಮಟ್ಟದಲ್ಲಿ ಮನ್ನಣೆ ದೊರೆಯುತ್ತಿದೆ. ಯೋಗ, ಆಯುರ್ವೇದ ಸೇರಿದಂತೆ ನಮ್ಮ ಪರಂಪರೆಯ ಜ್ಞಾನವನ್ನು ಜಗತ್ತು ಒಪ್ಪಿಕೊಳ್ಳುತ್ತಿದೆ ಎಂದು ಕೇಂದ್ರ ಸಚಿವ ಎಚ್.ಡಿ. ಕುಮಾರಸ್ವಾಮಿ ತಿಳಿಸಿದರು. ಪಟ್ಟಣದಲ್ಲಿ ನಡೆದ ಕಾರ್ಯಕ್ರಮದಲ್ಲಿ ಮಾತನಾಡಿದ ಅವರು, ಐತಿಹಾಸಿಕ ಸ್ಮಾರಕಗಳ ಸಂರಕ್ಷಣೆಗೆ ಕೇಂದ್ರ ಸರ್ಕಾರ ವಿಶೇಷ ಆದ್ಯತೆ ನೀಡಿದೆ. ಶ್ರೀರಂಗಪಟ್ಟಣದ ಅಭಿವೃದ್ಧಿಗೆ ಅಗತ್ಯ ಅನುದಾನ ಒದಗಿಸಲಾಗುವುದು ಎಂದರು. ಪ್ರವಾಸೋದ್ಯಮ ಅಭಿವೃದ್ಧಿಯಿಂದ ಸ್ಥಳೀಯರಿಗೆ ಉದ್ಯೋಗ ಅವಕಾಶ ಹೆಚ್ಚಲಿದೆ. ನಮ್ಮ ಸಂಸ್ಕೃತಿ ಮತ್ತು ಪರಂಪರೆ ಉಳಿಸಿಕೊಳ್ಳುವುದು ಎಲ್ಲರ ಕರ್ತವ್ಯ ಎಂದು ಹೇಳಿದರು.
ಖಾಸಗಿತನಕ್ಕೆ ಧಕ್ಕೆ: ನ್ಯಾ.ಸುಧೀಂದ್ರ ರಾವ್‌ಗೆ ದೂರು
ವಕೀಲ ಗಿರೀಶ್
ಮಂಗಳೂರು: ದಕ್ಷಿಣ ಕನ್ನಡ ಜಿಲ್ಲೆಯಲ್ಲಿ ಹಿಂದೂ ನಾಯಕರ ಮನೆಗಳಿಗೆ ನಡುರಾತ್ರಿಯಲ್ಲಿ ಪೊಲೀಸರು ತೆರಳಿ ಜನಸಾಮಾನ್ಯರ ಖಾಸಗಿತನಕ್ಕೆ ಧಕ್ಕೆ ಮಾಡುತ್ತಿದ್ದು, ಇದು ಸಂವಿಧಾನದ ಮೂಲಭೂತ ಹಕ್ಕಿನ ಉಲ್ಲಂಘನೆಯಾಗಿದೆ ಎಂದು ಹೈಕೋರ್ಟ್ ವಕೀಲ ಗಿರೀಶ್ ಭಾರದ್ವಾಜ್ ಅವರು ಕರ್ನಾಟಕ ರಾಜ್ಯ ಮಾನವ ಹಕ್ಕುಗಳ ಆಯೋಗದ ಅಧ್ಯಕ್ಷ ನ್ಯಾ. ಸುಧೀಂದ್ರ ರಾವ್ ಅವರಿಗೆ ದೂರು ನೀಡಿದ್ದಾರೆ. ದಕ್ಷಿಣ ಕನ್ನಡ ಜಿಲ್ಲೆಯಲ್ಲಿ ನಡೆದ ಹತ್ಯಾ ಪ್ರಕರಣಗಳ ಹಿನ್ನೆಲೆಯಲ್ಲಿ ಪೊಲೀಸರು ಹಿಂದೂ ಕಾರ್ಯಕರ್ತರ ಮನೆಗಳಿಗೆ ರಾತ್ರಿ ವೇಳೆ ತೆರಳಿ ಫೋಟೋ ತೆಗೆಯುವುದು, ಜಿಯೋ ಟ್ಯಾಗ್ ಮಾಡುವುದು ಸೇರಿದಂತೆ ಖಾಸಗಿತನಕ್ಕೆ ಧಕ್ಕೆ ತರುವ ಕೆಲಸ ಮಾಡುತ್ತಿದ್ದಾರೆ. ಇದರಿಂದ ಕುಟುಂಬದ ಸದಸ್ಯರು ಭಯಭೀತರಾಗಿದ್ದಾರೆ. ಮಹಿಳೆಯರು, ಮಕ್ಕಳು, ವೃದ್ಧರು ಮನೆಯಲ್ಲಿದ್ದಾಗ ಏಕಾಏಕಿ ಪೊಲೀಸರು ಪ್ರವೇಶಿಸುವುದು ಕಾನೂನುಬಾಹಿರ. ಯಾವುದೇ ವಾರಂಟ್ ಅಥವಾ ನೋಟೀಸ್ ಇಲ್ಲದೆ ರಾತ್ರಿ ವೇಳೆ ಮನೆಗೆ ನುಗ್ಗುವುದು ಸಂವಿಧಾನದ ವಿಧಿ 21ರ ಸ್ಪಷ್ಟ ಉಲ್ಲಂಘನೆ. ಈ ಬಗ್ಗೆ ಕೂಡಲೇ ತನಿಖೆ ನಡೆಸಿ, ಸಂಬಂಧಪಟ್ಟ ಅಧಿಕಾರಿಗಳ ವಿರುದ್ಧ ಕ್ರಮ ಕೈಗೊಳ್ಳಬೇಕು ಎಂದು ದೂರಿನಲ್ಲಿ ಒತ್ತಾಯಿಸಲಾಗಿದೆ. ಪುತ್ತೂರು, ಬಂಟ್ವಾಳ, ಸುಳ್ಯ, ಬೆಳ್ತಂಗಡಿ ತಾಲೂಕುಗಳಲ್ಲಿ ಇಂತಹ ಘಟನೆಗಳು ನಡೆದಿವೆ. ಪೊಲೀಸರು ಕಾನೂನು ಪಾಲನೆಯ ನೆಪದಲ್ಲಿ ಜನರ ಘನತೆಗೆ ಧಕ್ಕೆ ತರುತ್ತಿದ್ದಾರೆ. ಆಯೋಗವು ಸ್ವಯಂಪ್ರೇರಿತವಾಗಿ ಪ್ರಕರಣ ದಾಖಲಿಸಿಕೊಂಡು ತನಿಖೆ ನಡೆಸಬೇಕು. ಸಂತ್ರಸ್ತ ಕುಟುಂಬಗಳಿಗೆ ನ್ಯಾಯ ಒದಗಿಸಬೇಕು ಎಂದು ಕೋರಲಾಗಿದೆ. ಈ ಕುರಿತು ಆಯೋಗವು ಪರಿಶೀಲನೆ ನಡೆಸಿ ಸೂಕ್ತ ಕ್ರಮ ಕೈಗೊಳ್ಳುವ ಭರವಸೆ ನೀಡಿದೆ ಎಂದು ಅವರು ತಿಳಿಸಿದ್ದಾರೆ.
ಗೌರವ ಡಾಕ್ಟರೇಟ್ ಹಿಂಪಡೆಯಲು ವಿವಿಗೆ ಸತೀಶ್ ಜಾರಕಿಹೊಳಿ ಪತ್ರ
ಮೈಸೂರು: ಮೈಸೂರಿನ ಕರ್ನಾಟಕ ರಾಜ್ಯ ಮುಕ್ತ ವಿಶ್ವವಿದ್ಯಾನಿಲಯವು ಪ್ರಕಟಿಸಿದ್ದ ಗೌರವ ಡಾಕ್ಟರೇಟ್ ಪದವಿಯನ್ನು ನಿರಾಕರಿಸಿರುವ ಲೋಕೋಪಯೋಗಿ ಸಚಿವ ಸತೀಶ್ ಜಾರಕಿಹೊಳಿ ಅವರು ಈ ಸಂಬಂಧ ಕುಲಪತಿಗಳಿಗೆ ಪತ್ರ ಬರೆದಿದ್ದಾರೆ. ನನ್ನನ್ನು ಗೌರವ ಡಾಕ್ಟರೇಟ್ ಪದವಿಗೆ ಆಯ್ಕೆ ಮಾಡಿರುವುದಕ್ಕೆ ಧನ್ಯವಾದಗಳು. ಆದರೆ, ಸಾಮಾಜಿಕ ಕ್ಷೇತ್ರದಲ್ಲಿ ಕೆಲಸ ಮಾಡುತ್ತಿರುವ ಅನೇಕ ಅರ್ಹರು ಇದ್ದಾರೆ. ಅಂತಹವರಿಗೆ ಈ ಗೌರವ ನೀಡಬೇಕು. ನಾನು ಈ ಪದವಿಯನ್ನು ಸ್ವೀಕರಿಸಲು ಇಚ್ಛಿಸುವುದಿಲ್ಲ ಎಂದು ಪತ್ರದಲ್ಲಿ ತಿಳಿಸಿದ್ದಾರೆ. ವಿಶ್ವವಿದ್ಯಾನಿಲಯದ ಘಟಿಕೋತ್ಸವ ಸಮಾರಂಭದಲ್ಲಿ ಸಚಿವರು ಸೇರಿದಂತೆ ಮೂವರಿಗೆ ಗೌರವ ಡಾಕ್ಟರೇಟ್ ಪ್ರದಾನ ಮಾಡಲು ತೀರ್ಮಾನಿಸಲಾಗಿತ್ತು. ಸಚಿವರ ನಿರ್ಧಾರವನ್ನು ಹಲವರು ಶ್ಲಾಘಿಸಿದ್ದಾರೆ. ಅವರ ನಿರ್ಧಾರ ಇತರರಿಗೆ ಮಾದರಿಯಾಗಿದೆ ಎಂದು ಪ್ರಗತಿಪರ ಸಂಘಟನೆಗಳ ಮುಖಂಡರು ಹೇಳಿದ್ದಾರೆ.
